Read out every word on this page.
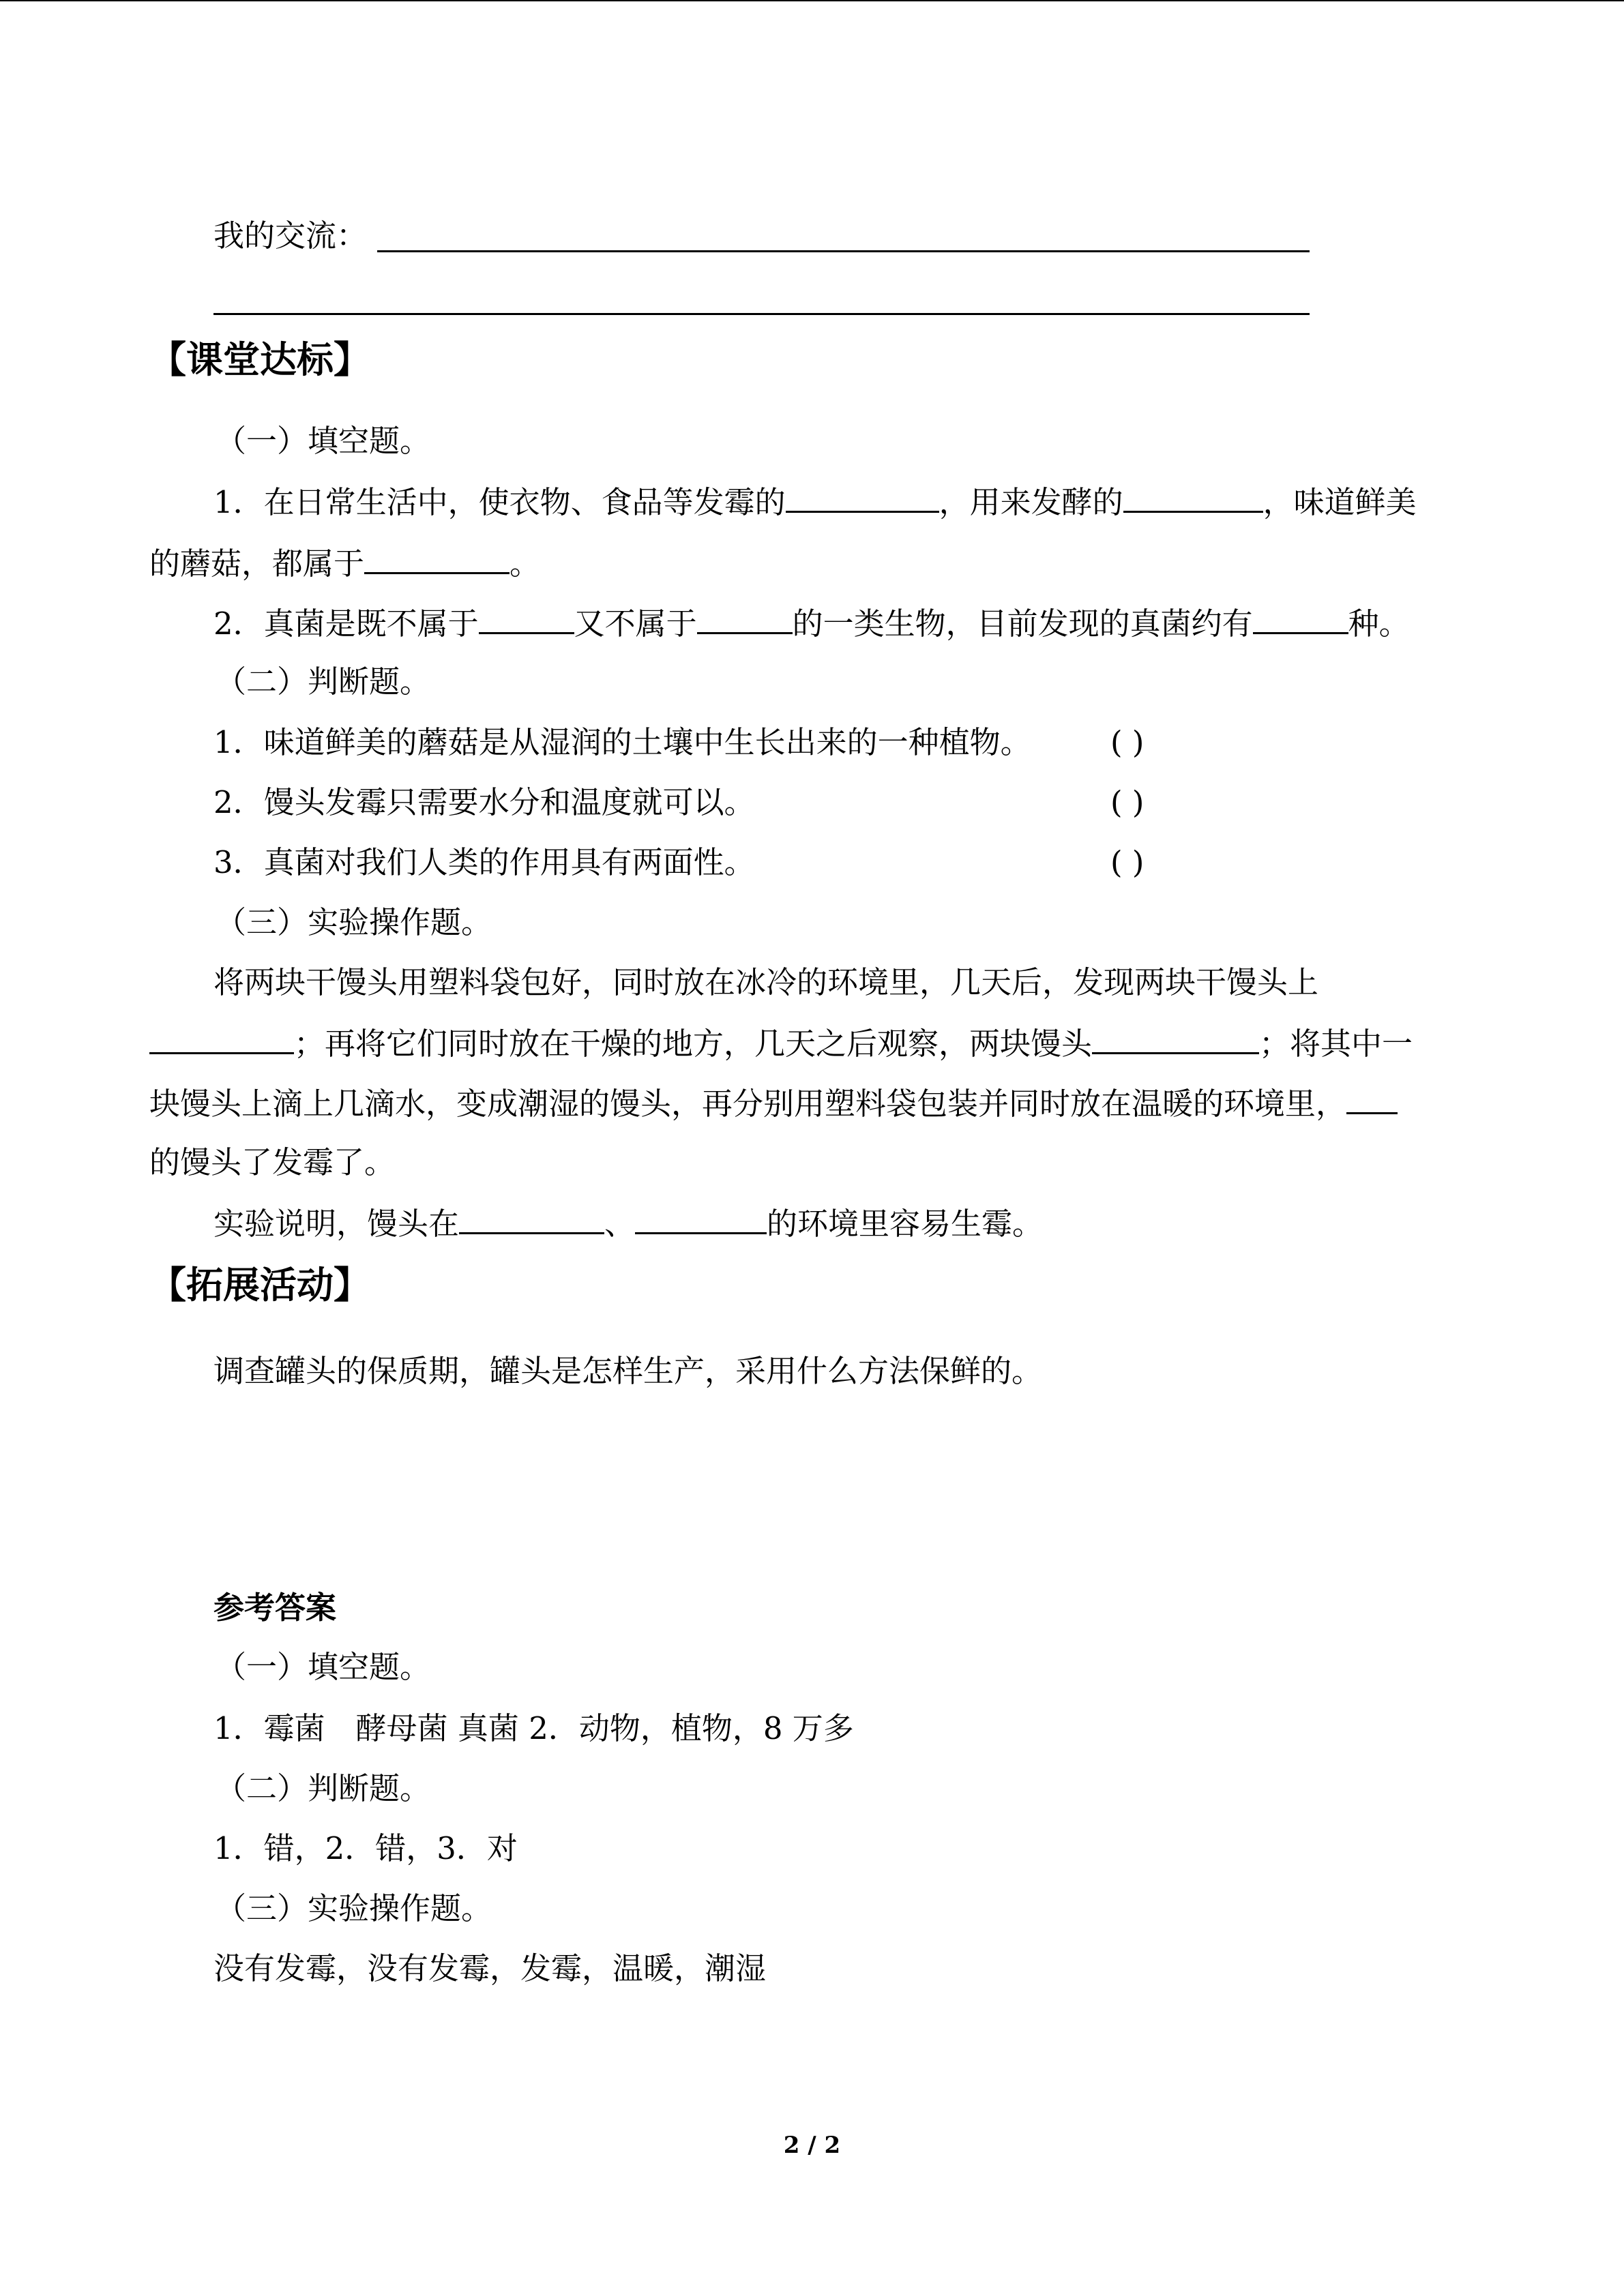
我的交流：
【课堂达标】
（一）填空题。
1．在日常生活中，使衣物、食品等发霉的	，用来发酵的	，味道鲜美
的蘑菇，都属于	。
2．真菌是既不属于	又不属于	的一类生物，目前发现的真菌约有	种。
（二）判断题。
1．味道鲜美的蘑菇是从湿润的土壤中生长出来的一种植物。	( )
2．馒头发霉只需要水分和温度就可以。	( )
3．真菌对我们人类的作用具有两面性。	( )
（三）实验操作题。
将两块干馒头用塑料袋包好，同时放在冰冷的环境里，几天后，发现两块干馒头上
；再将它们同时放在干燥的地方，几天之后观察，两块馒头	；将其中一
块馒头上滴上几滴水，变成潮湿的馒头，再分别用塑料袋包装并同时放在温暖的环境里，
的馒头了发霉了。
实验说明，馒头在	、	的环境里容易生霉。
【拓展活动】
调查罐头的保质期，罐头是怎样生产，采用什么方法保鲜的。
参考答案
（一）填空题。
1．霉菌　酵母菌 真菌 2．动物，植物，8 万多
（二）判断题。
1．错，2．错，3．对
（三）实验操作题。
没有发霉，没有发霉，发霉，温暖，潮湿
2 / 2
